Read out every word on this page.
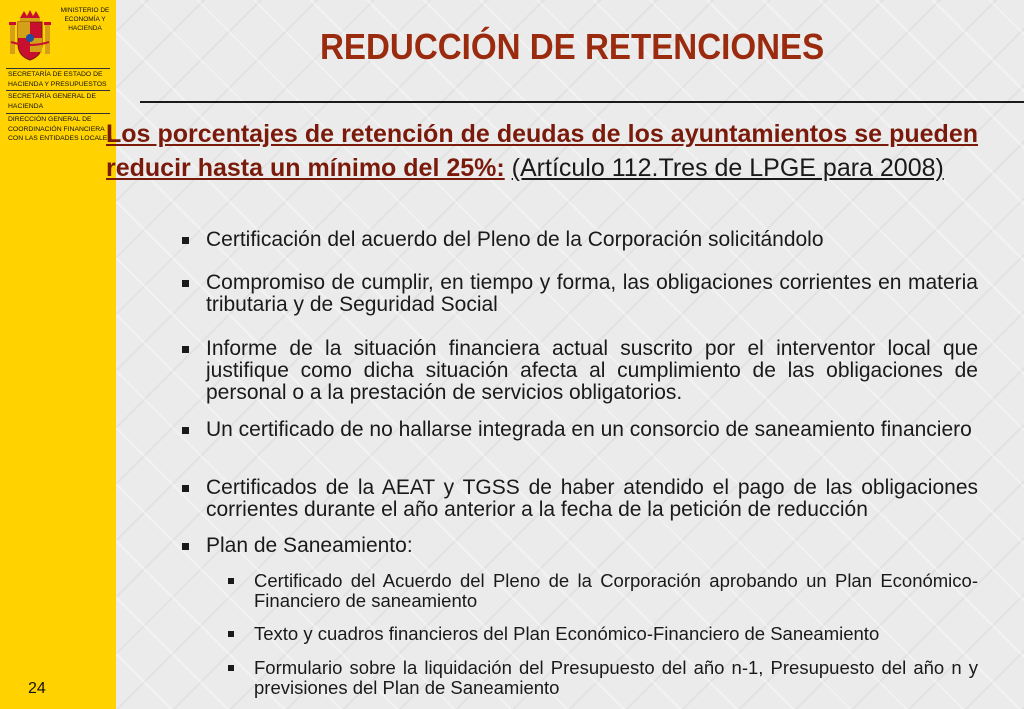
MINISTERIO DE ECONOMÍA Y HACIENDA
SECRETARÍA DE ESTADO DE HACIENDA Y PRESUPUESTOS
SECRETARÍA GENERAL DE HACIENDA
DIRECCIÓN GENERAL DE COORDINACIÓN FINANCIERA CON LAS ENTIDADES LOCALES
24
REDUCCIÓN DE RETENCIONES
Los porcentajes de retención de deudas de los ayuntamientos se pueden reducir hasta un mínimo del 25%: (Artículo 112.Tres de LPGE para 2008)
Certificación del acuerdo del Pleno de la Corporación solicitándolo
Compromiso de cumplir, en tiempo y forma, las obligaciones corrientes en materia tributaria y de Seguridad Social
Informe de la situación financiera actual suscrito por el interventor local que justifique como dicha situación afecta al cumplimiento de las obligaciones de personal o a la prestación de servicios obligatorios.
Un certificado de no hallarse integrada en un consorcio de saneamiento financiero
Certificados de la AEAT y TGSS de haber atendido el pago de las obligaciones corrientes durante el año anterior a la fecha de la petición de reducción
Plan de Saneamiento:
Certificado del Acuerdo del Pleno de la Corporación aprobando un Plan Económico-Financiero de saneamiento
Texto y cuadros financieros del Plan Económico-Financiero de Saneamiento
Formulario sobre la liquidación del Presupuesto del año n-1, Presupuesto del año n y previsiones del Plan de Saneamiento
